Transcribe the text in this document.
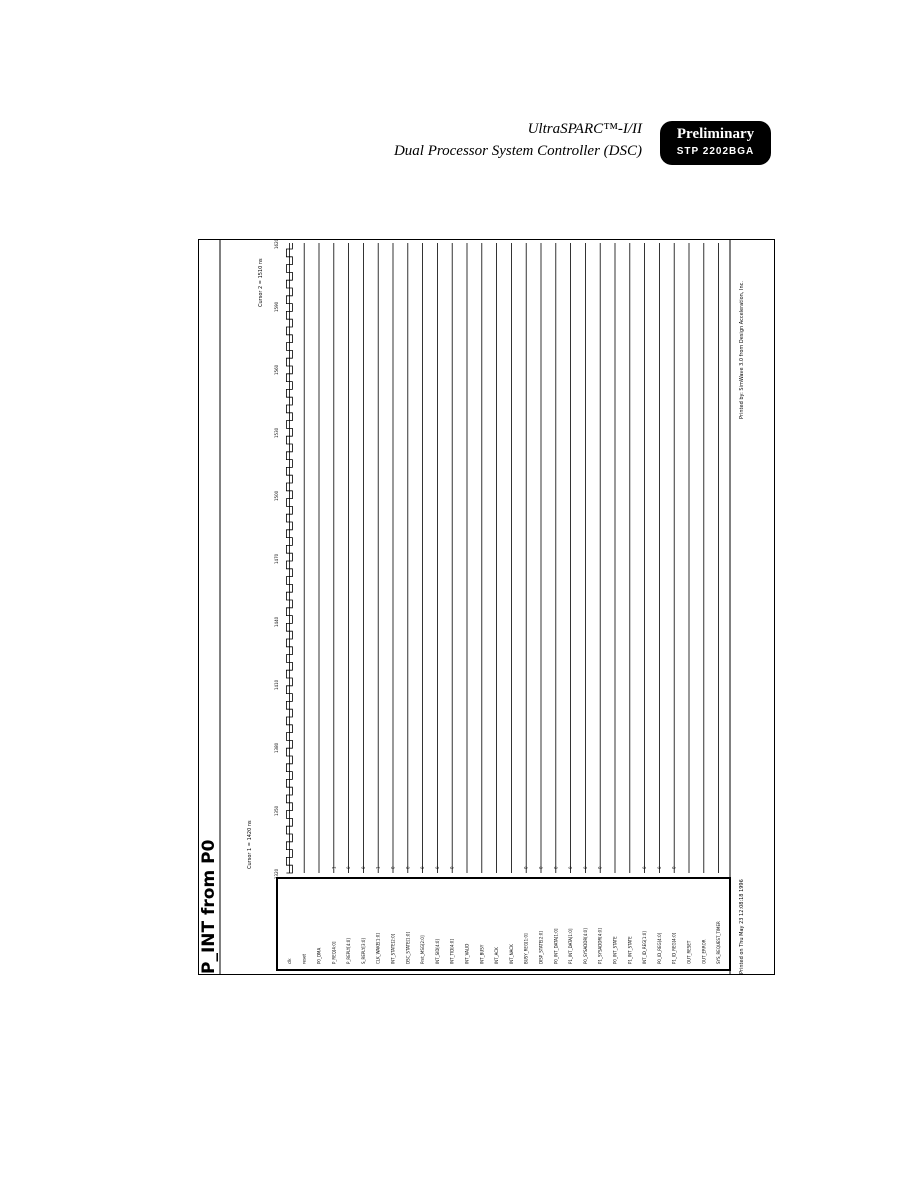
UltraSPARC™-I/II
Dual Processor System Controller (DSC)
Preliminary
STP 2202BGA
P_INT from P0	clk reset P0_DMA P_REQ[4:0] P_REPLY[4:0] S_REPLY[3:0] CLK_WAKE[1:0] INT_STATE[2:0] DSC_STATE[1:0] Pmt_MSG[2:0] INT_SID[4:0] INT_TID[4:0] INT_VALID INT_BUSY INT_ACK INT_NACK BUSY_REG[1:0] DISP_STATE[2:0] P0_INT_DATA[1:0] P1_INT_DATA[1:0] P0_SYSADDR[4:0] P1_SYSADDR[4:0] P0_INT_STATE P1_INT_STATE INT_ID_REG[1:0] P0_ID_REG[4:0] P1_ID_REG[4:0] OUT_RESET OUT_ERROR SYS_REQUEST_TIMER
1 0 0 1 0 0 0 0 0	0 0 0 0 0 0	0 0 0
1320
1350
1380
1410
1440
1470
1500
1530
1560
1590
1620
Printed on Thu May 23 12:08:18 1996
Printed by: SimWave 3.0 from Design Acceleration, Inc.
Cursor 1 = 1420 ns
Cursor 2 = 1510 ns
